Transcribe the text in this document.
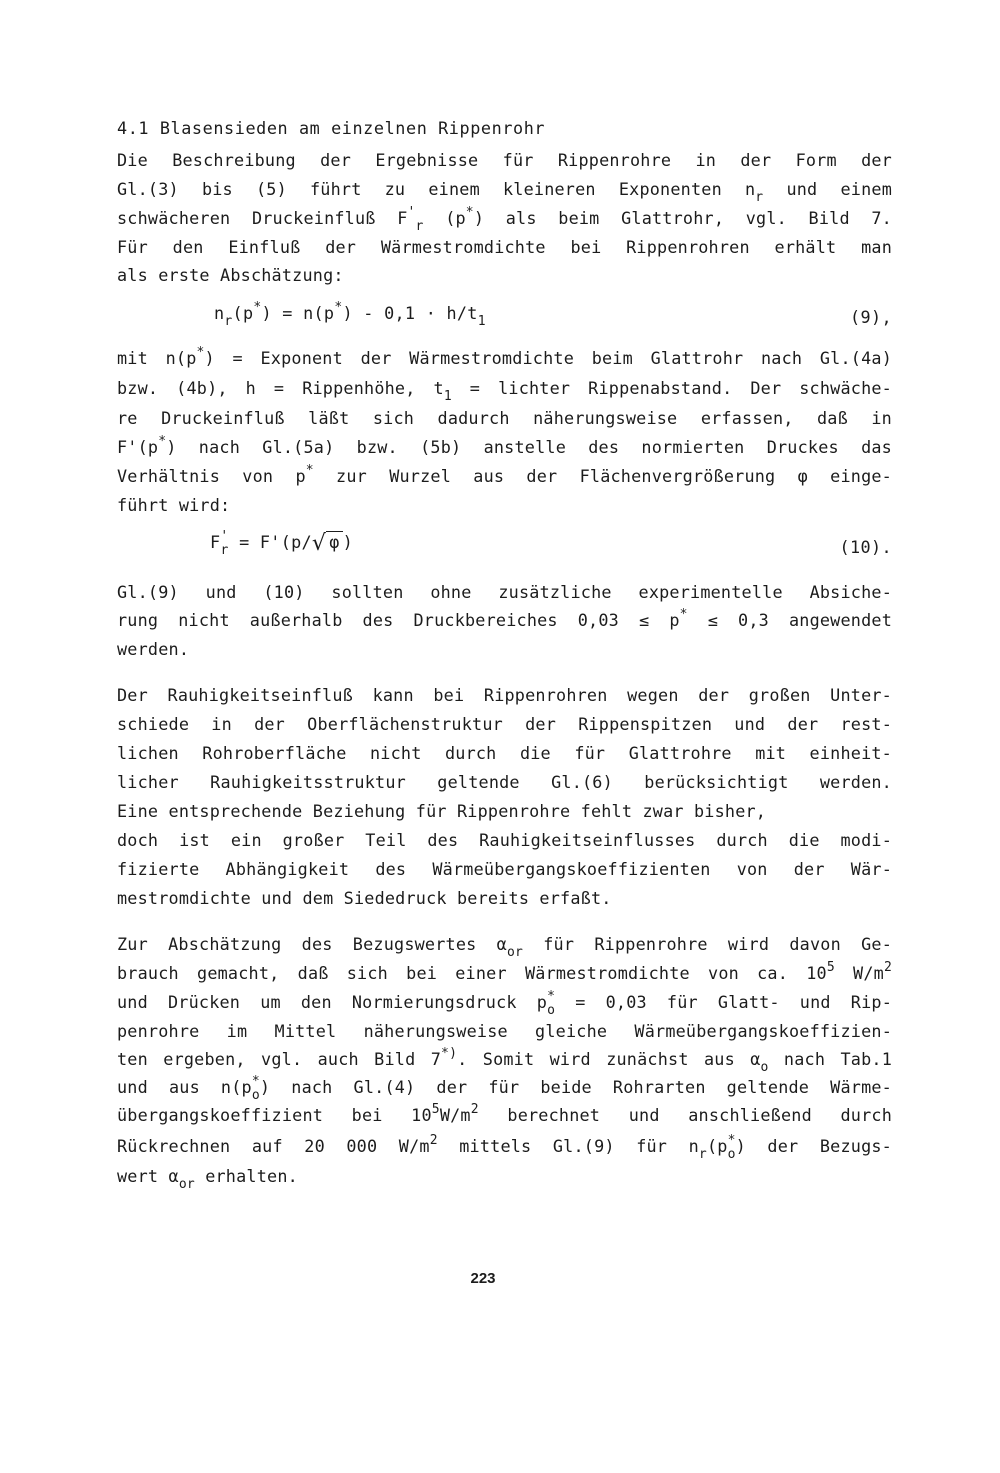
4.1 Blasensieden am einzelnen Rippenrohr
Die Beschreibung der Ergebnisse für Rippenrohre in der Form der
Gl.(3) bis (5) führt zu einem kleineren Exponenten $n_r$ und einem
schwächeren Druckeinfluß $F'_r$ (p*) als beim Glattrohr, vgl. Bild 7.
Für den Einfluß der Wärmestromdichte bei Rippenrohren erhält man
als erste Abschätzung:
$n_r(p^*) = n(p^*) - 0,1 \cdot h/t_1$	(9),
mit n(p*) = Exponent der Wärmestromdichte beim Glattrohr nach Gl.(4a)
bzw. (4b), h = Rippenhöhe, $t_1$ = lichter Rippenabstand. Der schwäche-
re Druckeinfluß läßt sich dadurch näherungsweise erfassen, daß in
F'(p*) nach Gl.(5a) bzw. (5b) anstelle des normierten Druckes das
Verhältnis von p* zur Wurzel aus der Flächenvergrößerung φ einge-
führt wird:
$F'_r = F'(p/√$ φ )	(10).
Gl.(9) und (10) sollten ohne zusätzliche experimentelle Absiche-
rung nicht außerhalb des Druckbereiches 0,03 ≤ p* ≤ 0,3 angewendet
werden.
Der Rauhigkeitseinfluß kann bei Rippenrohren wegen der großen Unter-
schiede in der Oberflächenstruktur der Rippenspitzen und der rest-
lichen Rohroberfläche nicht durch die für Glattrohre mit einheit-
licher Rauhigkeitsstruktur geltende Gl.(6) berücksichtigt werden.
Eine entsprechende Beziehung für Rippenrohre fehlt zwar bisher,
doch ist ein großer Teil des Rauhigkeitseinflusses durch die modi-
fizierte Abhängigkeit des Wärmeübergangskoeffizienten von der Wär-
mestromdichte und dem Siededruck bereits erfaßt.
Zur Abschätzung des Bezugswertes $\alpha_{or}$ für Rippenrohre wird davon Ge-
brauch gemacht, daß sich bei einer Wärmestromdichte von ca. $10^5$ $W/m^2$
und Drücken um den Normierungsdruck $p^*_o = 0,03$ für Glatt- und Rip-
penrohre im Mittel näherungsweise gleiche Wärmeübergangskoeffizien-
ten ergeben, vgl. auch Bild 7*). Somit wird zunächst aus $\alpha_o$ nach Tab.1
und aus $n(p^*_o)$ nach Gl.(4) der für beide Rohrarten geltende Wärme-
übergangskoeffizient bei $10^5W/m^2$ berechnet und anschließend durch
Rückrechnen auf 20 000 $W/m^2$ mittels Gl.(9) für $n_r(p^*_o)$ der Bezugs-
wert $\alpha_{or}$ erhalten.
223
